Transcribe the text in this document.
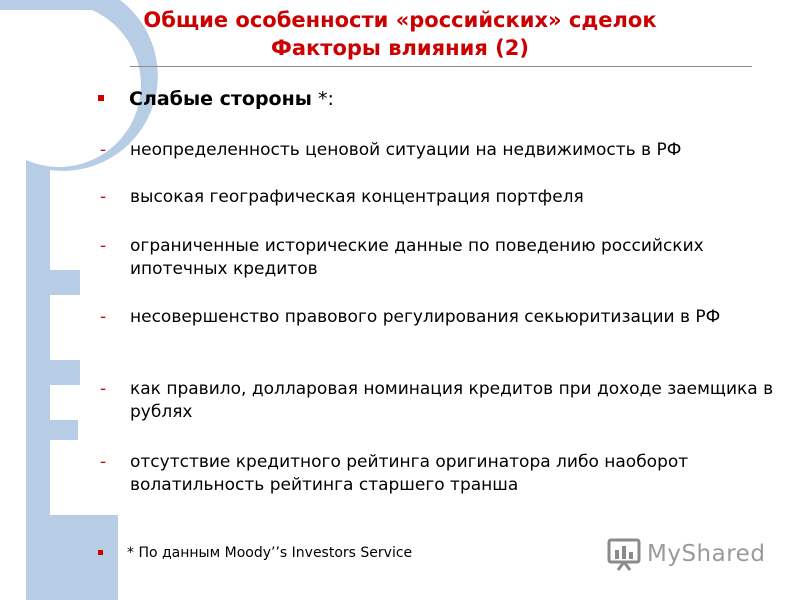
Общие особенности «российских» сделок
Факторы влияния (2)
Слабые стороны *:
- неопределенность ценовой ситуации на недвижимость в РФ
- высокая географическая концентрация портфеля
- ограниченные исторические данные по поведению российских ипотечных кредитов
- несовершенство правового регулирования секьюритизации в РФ
- как правило, долларовая номинация кредитов при доходе заемщика в рублях
- отсутствие кредитного рейтинга оригинатора либо наоборот волатильность рейтинга старшего транша
* По данным Moody’’s Investors Service	MyShared
